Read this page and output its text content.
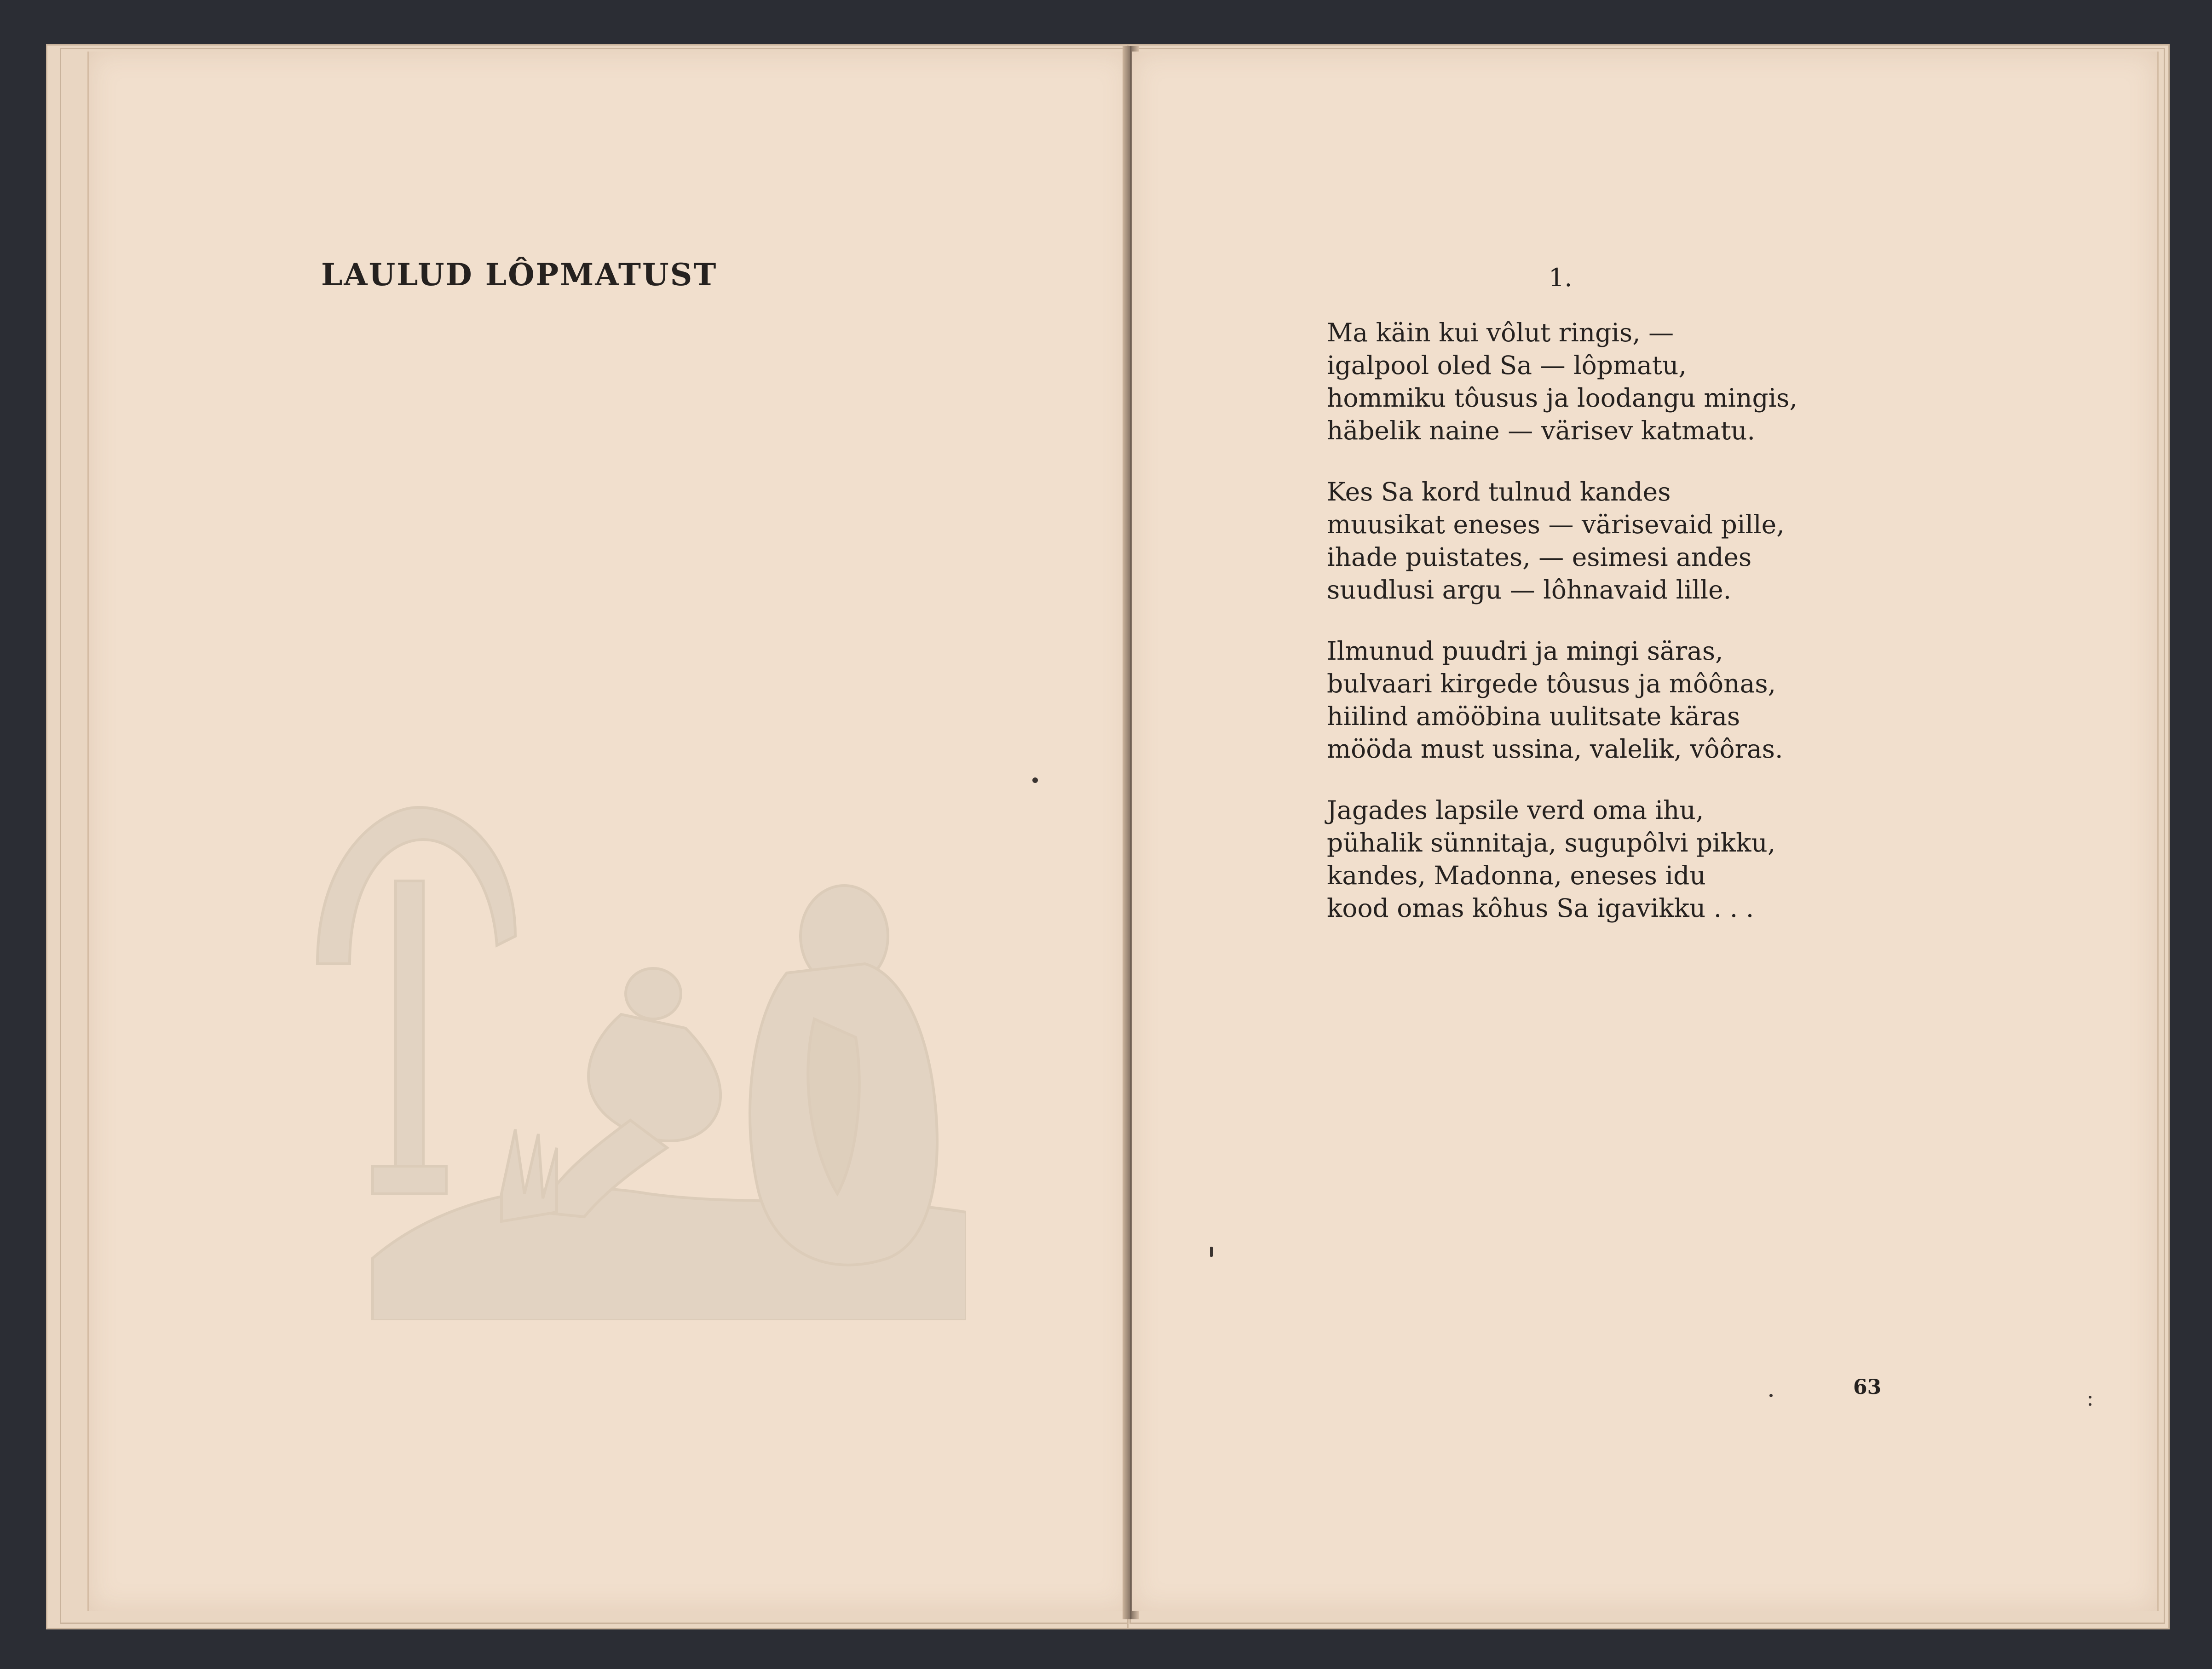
LAULUD LÔPMATUST	1.
Ma käin kui vôlut ringis, —
igalpool oled Sa — lôpmatu,
hommiku tôusus ja loodangu mingis,
häbelik naine — värisev katmatu.
Kes Sa kord tulnud kandes
muusikat eneses — värisevaid pille,
ihade puistates, — esimesi andes
suudlusi argu — lôhnavaid lille.
Ilmunud puudri ja mingi säras,
bulvaari kirgede tôusus ja môônas,
hiilind amööbina uulitsate käras
mööda must ussina, valelik, vôôras.
Jagades lapsile verd oma ihu,
pühalik sünnitaja, sugupôlvi pikku,
kandes, Madonna, eneses idu
kood omas kôhus Sa igavikku . . .
63
